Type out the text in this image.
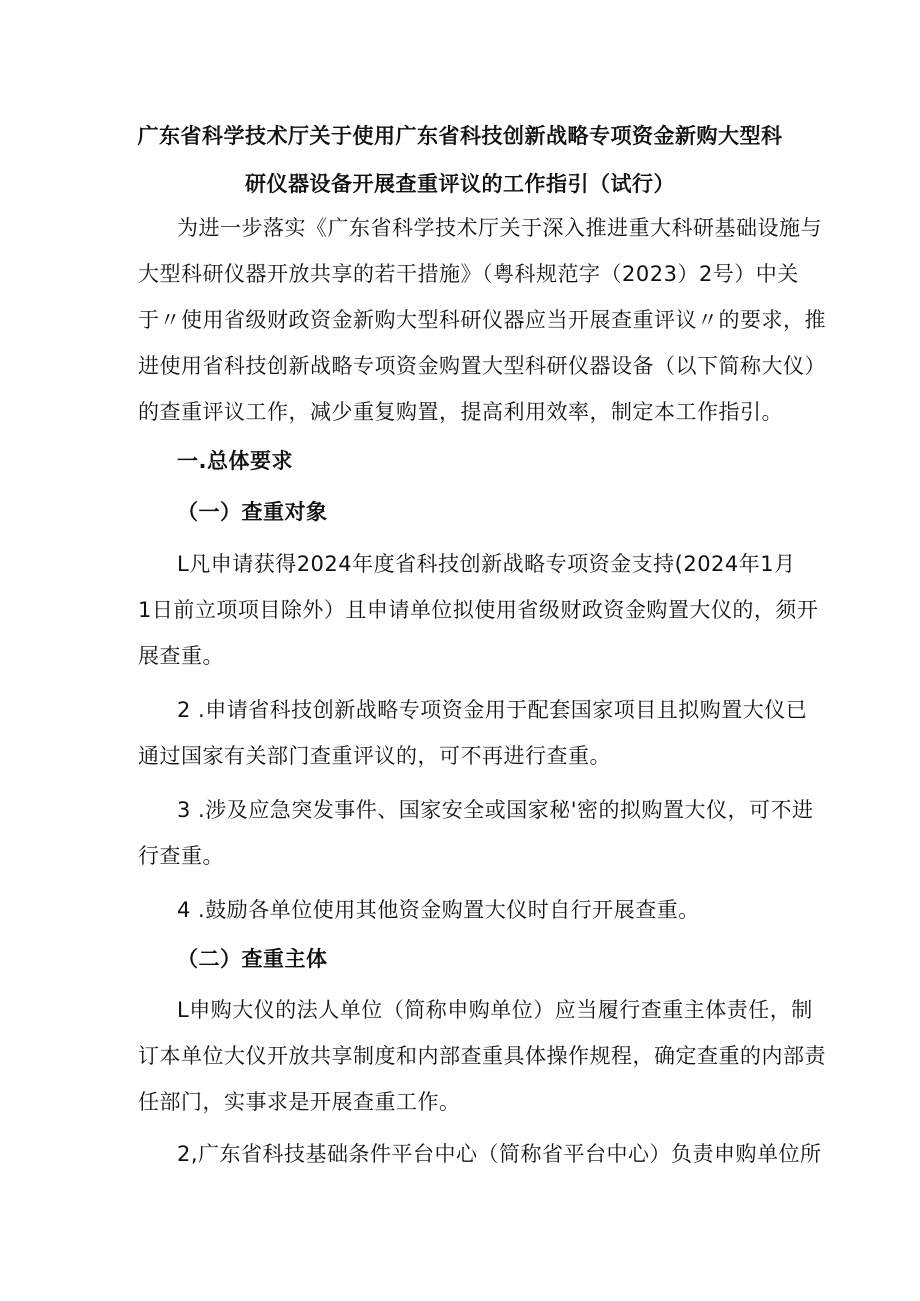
广东省科学技术厅关于使用广东省科技创新战略专项资金新购大型科
研仪器设备开展查重评议的工作指引（试行）
为进一步落实《广东省科学技术厅关于深入推进重大科研基础设施与
大型科研仪器开放共享的若干措施》（粤科规范字（2023）2号）中关
于〃使用省级财政资金新购大型科研仪器应当开展查重评议〃的要求，推
进使用省科技创新战略专项资金购置大型科研仪器设备（以下简称大仪）
的查重评议工作，减少重复购置，提高利用效率，制定本工作指引。
一.总体要求
（一）查重对象
L凡申请获得2024年度省科技创新战略专项资金支持(2024年1月
1日前立项项目除外）且申请单位拟使用省级财政资金购置大仪的，须开
展查重。
2 .申请省科技创新战略专项资金用于配套国家项目且拟购置大仪已
通过国家有关部门查重评议的，可不再进行查重。
3 .涉及应急突发事件、国家安全或国家秘'密的拟购置大仪，可不进
行查重。
4 .鼓励各单位使用其他资金购置大仪时自行开展查重。
（二）查重主体
L申购大仪的法人单位（简称申购单位）应当履行查重主体责任，制
订本单位大仪开放共享制度和内部查重具体操作规程，确定查重的内部责
任部门，实事求是开展查重工作。
2,广东省科技基础条件平台中心（简称省平台中心）负责申购单位所
